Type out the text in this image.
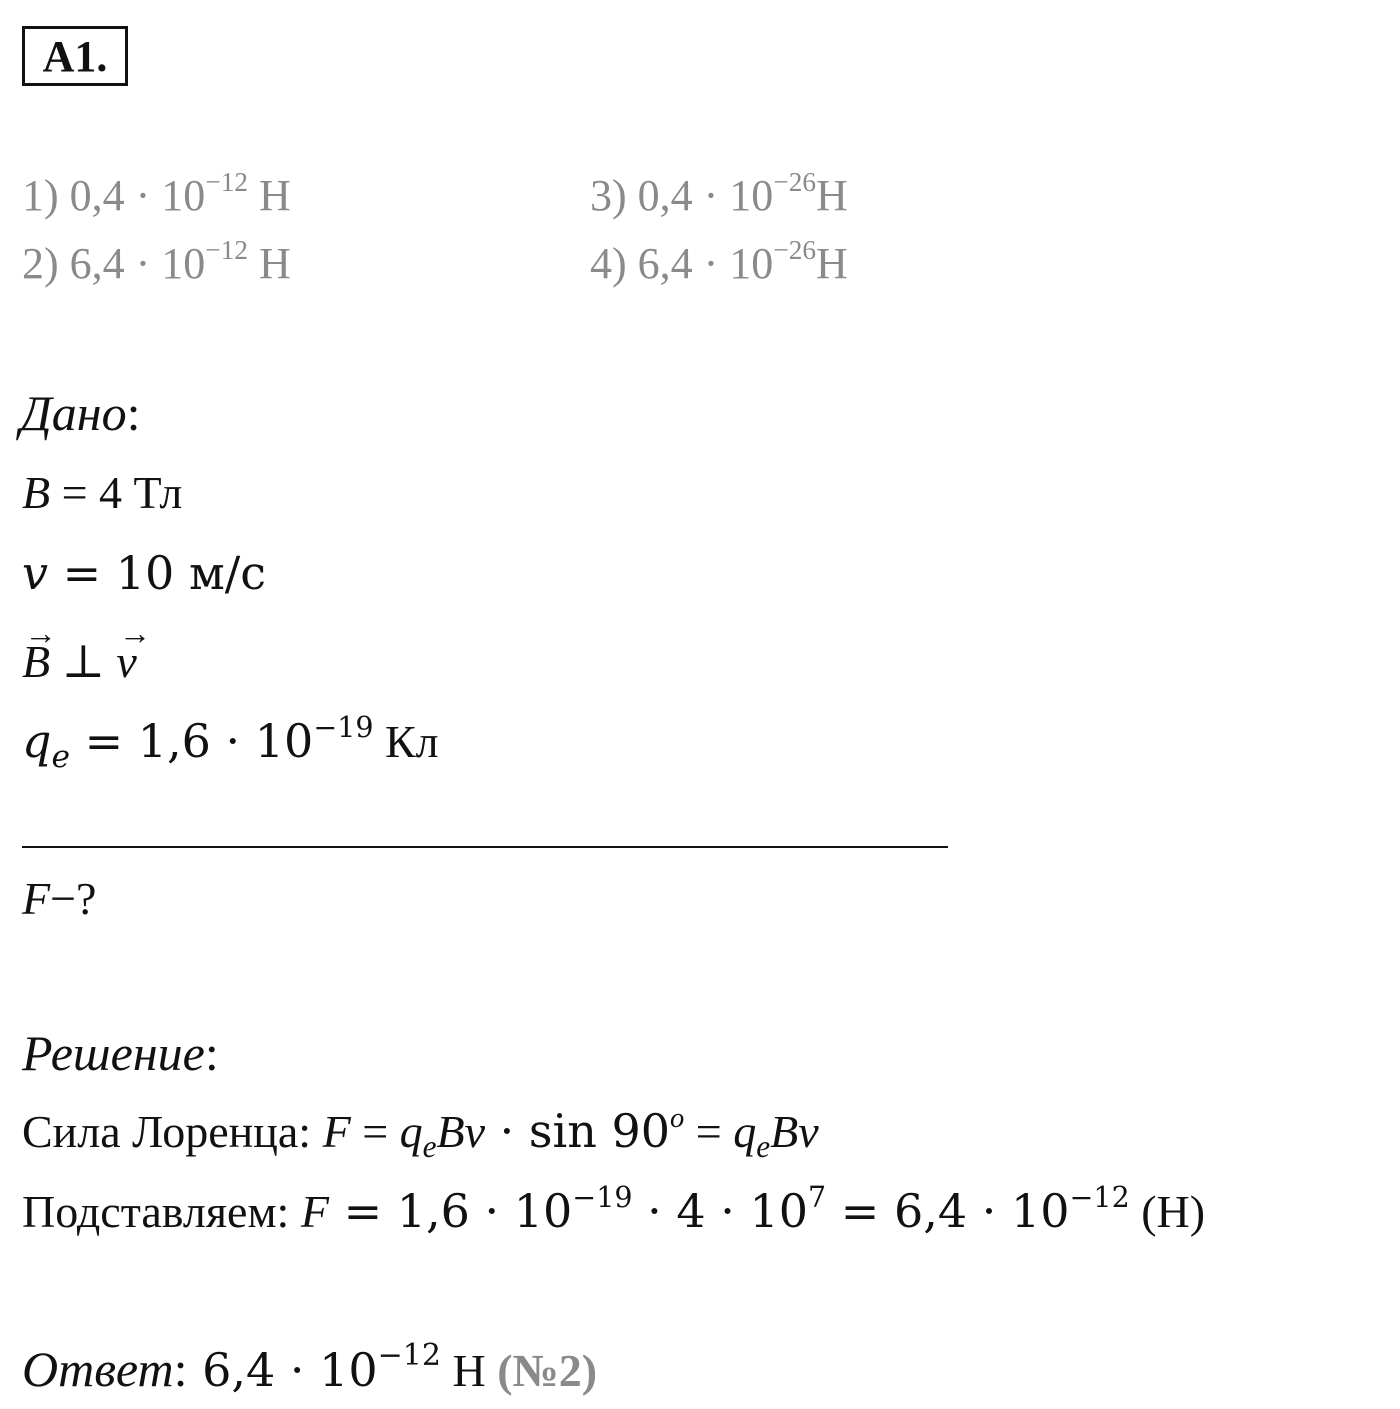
A1.
1) $0,4 \cdot 10^{-12}$ Н
2) $6,4 \cdot 10^{-12}$ Н
3) $0,4 \cdot 10^{-26}Н$
4) $6,4 \cdot 10^{-26}Н$
Дано:
B = 4 Тл
v = 10 м/с
→ B ⊥ → v
$q_e = 1,6 \cdot 10^{-19}$ Кл
F−?
Решение:
Сила Лоренца: $F = q_eBv \cdot \sin 90^o = q_eBv$
Подставляем: $F = 1,6 \cdot 10^{-19} \cdot 4 \cdot 10^7 = 6,4 \cdot 10^{-12}$ (Н)
Ответ: $6,4 \cdot 10^{-12}$ Н (№2)
